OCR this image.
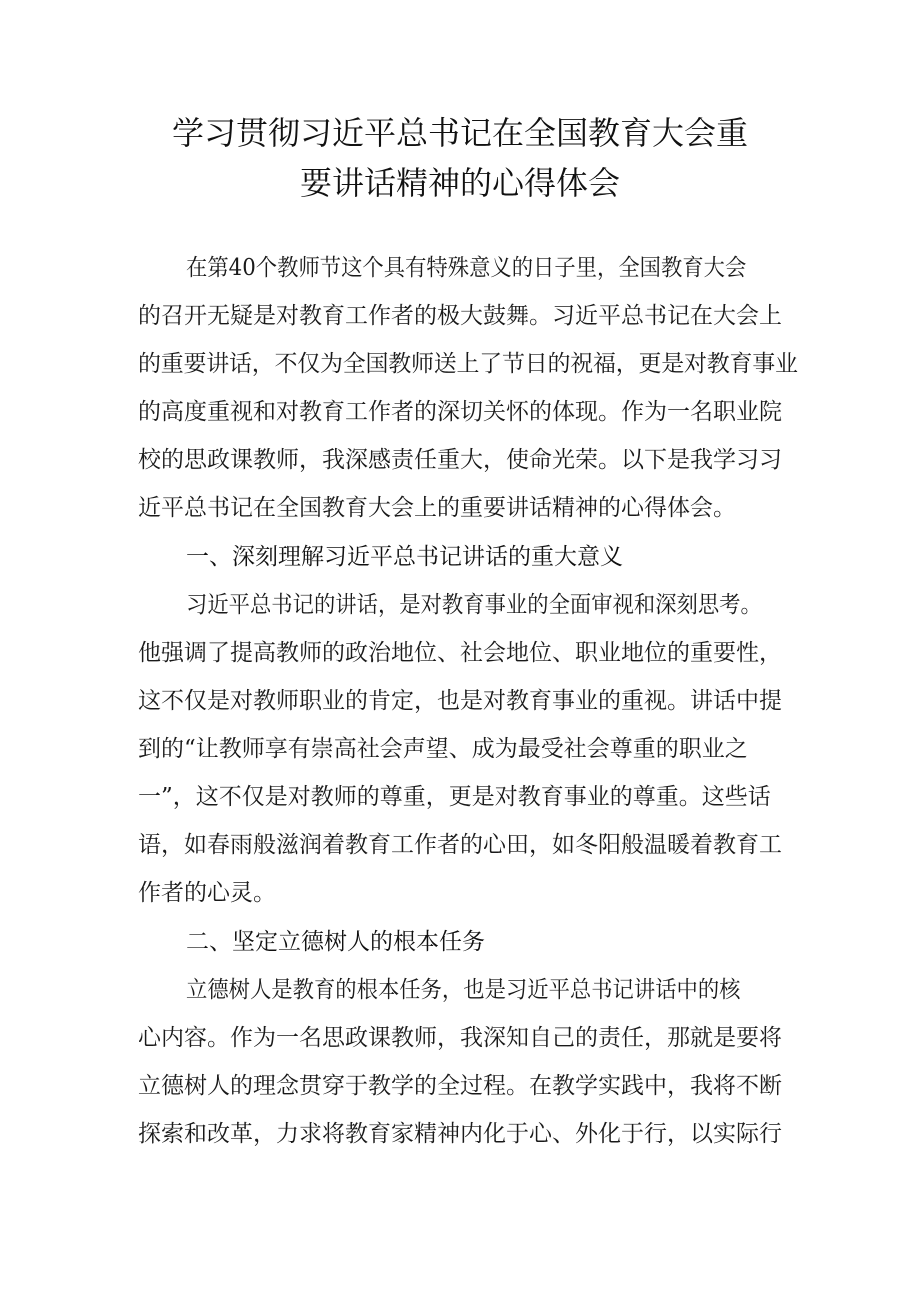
学习贯彻习近平总书记在全国教育大会重
要讲话精神的心得体会
在第40个教师节这个具有特殊意义的日子里，全国教育大会
的召开无疑是对教育工作者的极大鼓舞。习近平总书记在大会上
的重要讲话，不仅为全国教师送上了节日的祝福，更是对教育事业
的高度重视和对教育工作者的深切关怀的体现。作为一名职业院
校的思政课教师，我深感责任重大，使命光荣。以下是我学习习
近平总书记在全国教育大会上的重要讲话精神的心得体会。
一、深刻理解习近平总书记讲话的重大意义
习近平总书记的讲话，是对教育事业的全面审视和深刻思考。
他强调了提高教师的政治地位、社会地位、职业地位的重要性，
这不仅是对教师职业的肯定，也是对教育事业的重视。讲话中提
到的“让教师享有崇高社会声望、成为最受社会尊重的职业之
一”，这不仅是对教师的尊重，更是对教育事业的尊重。这些话
语，如春雨般滋润着教育工作者的心田，如冬阳般温暖着教育工
作者的心灵。
二、坚定立德树人的根本任务
立德树人是教育的根本任务，也是习近平总书记讲话中的核
心内容。作为一名思政课教师，我深知自己的责任，那就是要将
立德树人的理念贯穿于教学的全过程。在教学实践中，我将不断
探索和改革，力求将教育家精神内化于心、外化于行，以实际行
